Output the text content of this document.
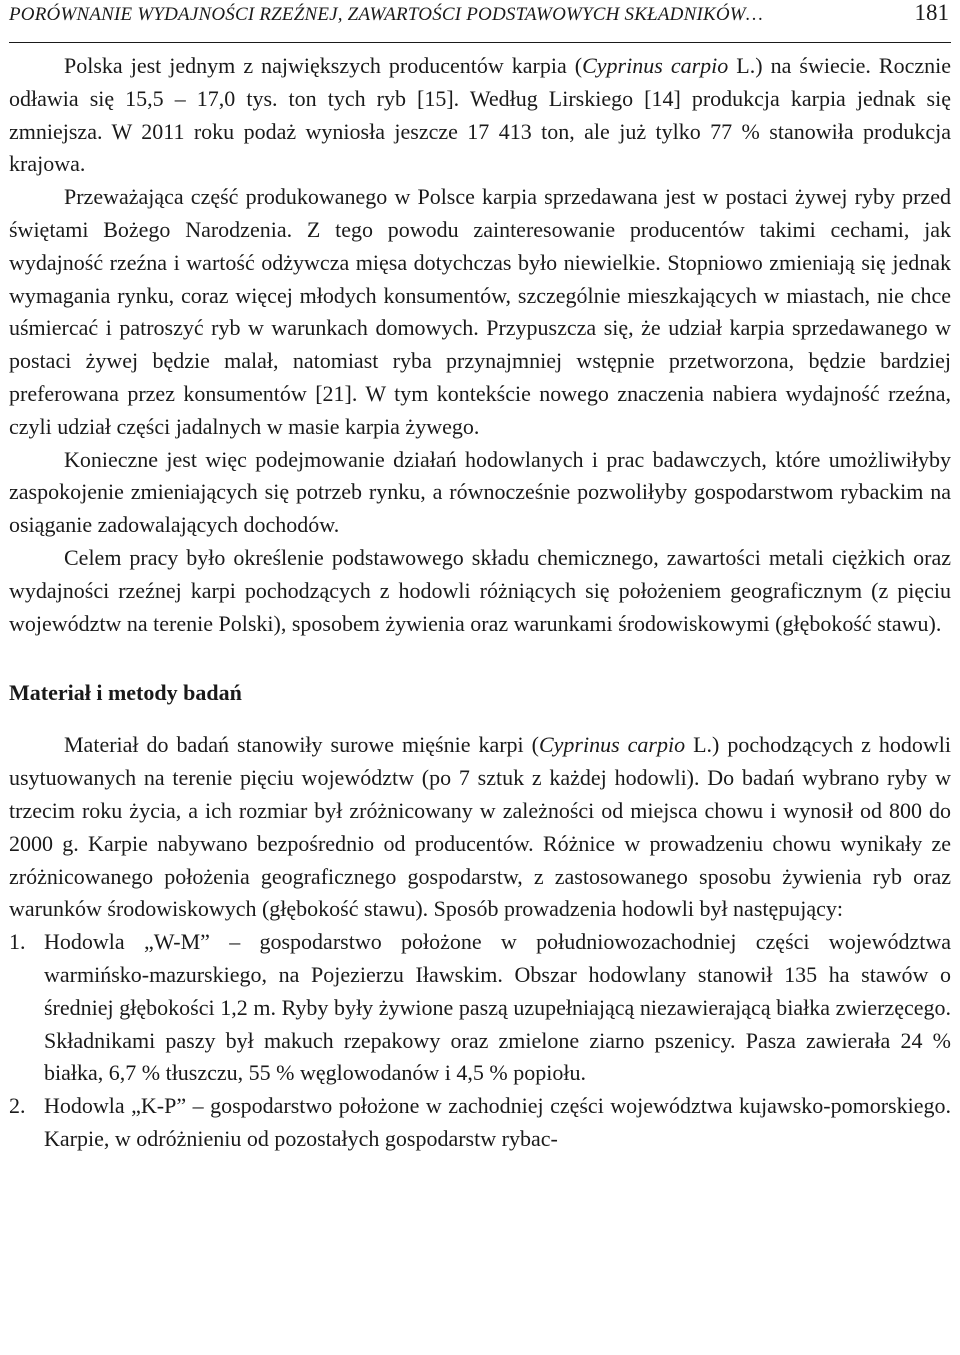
PORÓWNANIE WYDAJNOŚCI RZEŹNEJ, ZAWARTOŚCI PODSTAWOWYCH SKŁADNIKÓW…	181

Polska jest jednym z największych producentów karpia (Cyprinus carpio L.) na świecie. Rocznie odławia się 15,5 – 17,0 tys. ton tych ryb [15]. Według Lirskiego [14] produkcja karpia jednak się zmniejsza. W 2011 roku podaż wyniosła jeszcze 17 413 ton, ale już tylko 77 % stanowiła produkcja krajowa.

Przeważająca część produkowanego w Polsce karpia sprzedawana jest w postaci żywej ryby przed świętami Bożego Narodzenia. Z tego powodu zainteresowanie producentów takimi cechami, jak wydajność rzeźna i wartość odżywcza mięsa dotychczas było niewielkie. Stopniowo zmieniają się jednak wymagania rynku, coraz więcej młodych konsumentów, szczególnie mieszkających w miastach, nie chce uśmiercać i patroszyć ryb w warunkach domowych. Przypuszcza się, że udział karpia sprzedawanego w postaci żywej będzie malał, natomiast ryba przynajmniej wstępnie przetworzona, będzie bardziej preferowana przez konsumentów [21]. W tym kontekście nowego znaczenia nabiera wydajność rzeźna, czyli udział części jadalnych w masie karpia żywego.

Konieczne jest więc podejmowanie działań hodowlanych i prac badawczych, które umożliwiłyby zaspokojenie zmieniających się potrzeb rynku, a równocześnie pozwoliłyby gospodarstwom rybackim na osiąganie zadowalających dochodów.

Celem pracy było określenie podstawowego składu chemicznego, zawartości metali ciężkich oraz wydajności rzeźnej karpi pochodzących z hodowli różniących się położeniem geograficznym (z pięciu województw na terenie Polski), sposobem żywienia oraz warunkami środowiskowymi (głębokość stawu).

Materiał i metody badań

Materiał do badań stanowiły surowe mięśnie karpi (Cyprinus carpio L.) pochodzących z hodowli usytuowanych na terenie pięciu województw (po 7 sztuk z każdej hodowli). Do badań wybrano ryby w trzecim roku życia, a ich rozmiar był zróżnicowany w zależności od miejsca chowu i wynosił od 800 do 2000 g. Karpie nabywano bezpośrednio od producentów. Różnice w prowadzeniu chowu wynikały ze zróżnicowanego położenia geograficznego gospodarstw, z zastosowanego sposobu żywienia ryb oraz warunków środowiskowych (głębokość stawu). Sposób prowadzenia hodowli był następujący:

1. Hodowla „W-M” – gospodarstwo położone w południowozachodniej części województwa warmińsko-mazurskiego, na Pojezierzu Iławskim. Obszar hodowlany stanowił 135 ha stawów o średniej głębokości 1,2 m. Ryby były żywione paszą uzupełniającą niezawierającą białka zwierzęcego. Składnikami paszy był makuch rzepakowy oraz zmielone ziarno pszenicy. Pasza zawierała 24 % białka, 6,7 % tłuszczu, 55 % węglowodanów i 4,5 % popiołu.

2. Hodowla „K-P” – gospodarstwo położone w zachodniej części województwa kujawsko-pomorskiego. Karpie, w odróżnieniu od pozostałych gospodarstw rybac-
